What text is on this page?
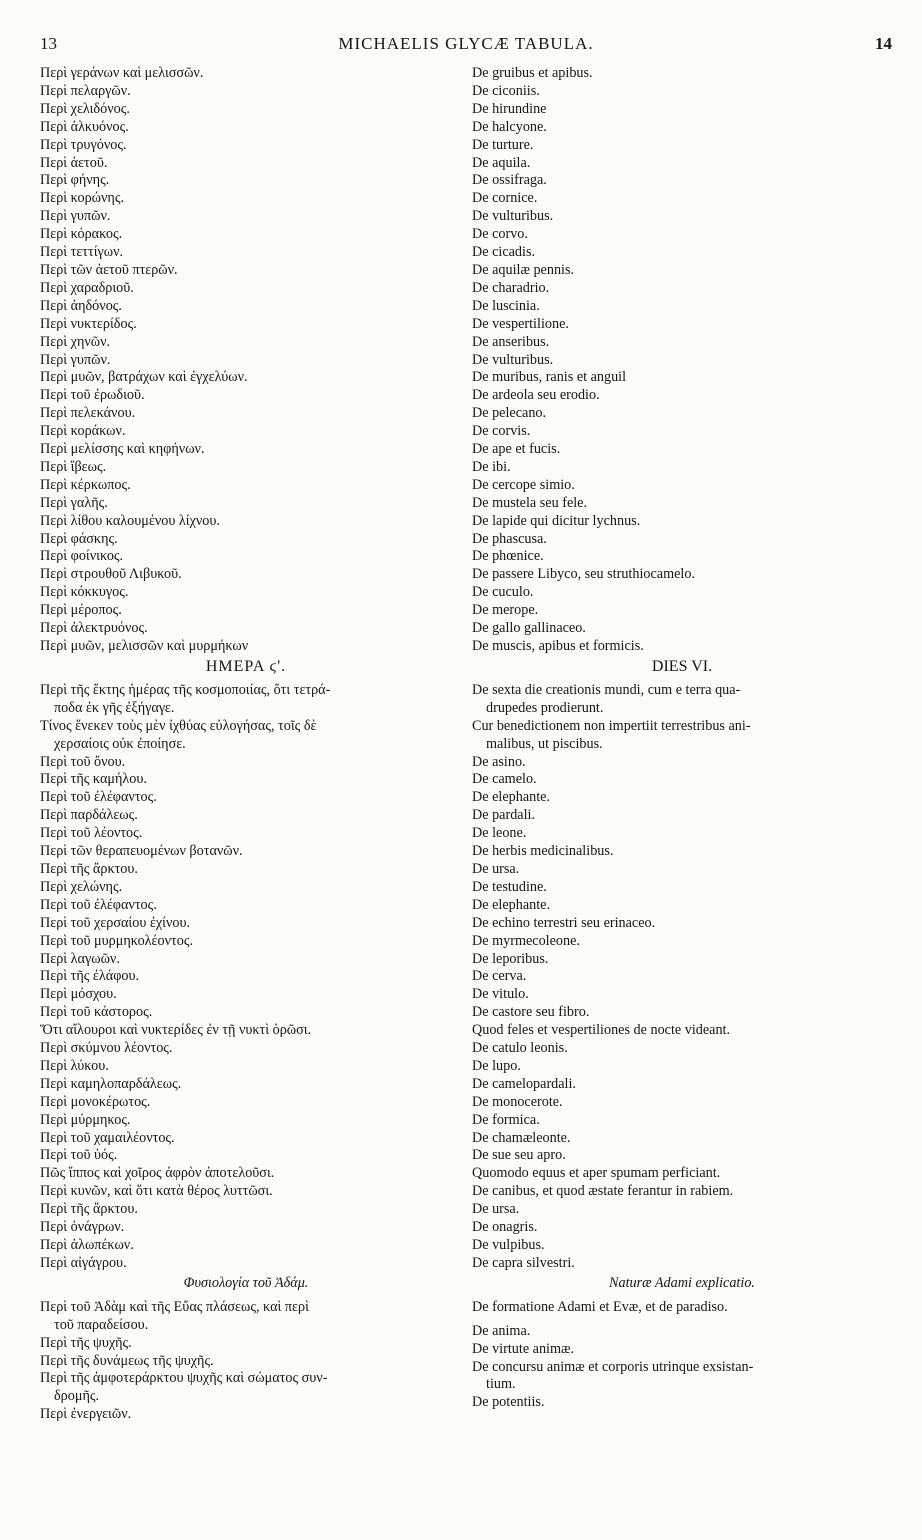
13	MICHAELIS GLYCÆ TABULA.	14
Περὶ γεράνων καὶ μελισσῶν.
Περὶ πελαργῶν.
Περὶ χελιδόνος.
Περὶ ἀλκυόνος.
Περὶ τρυγόνος.
Περὶ ἀετοῦ.
Περὶ φήνης.
Περὶ κορώνης.
Περὶ γυπῶν.
Περὶ κόρακος.
Περὶ τεττίγων.
Περὶ τῶν ἀετοῦ πτερῶν.
Περὶ χαραδριοῦ.
Περὶ ἀηδόνος.
Περὶ νυκτερίδος.
Περὶ χηνῶν.
Περὶ γυπῶν.
Περὶ μυῶν, βατράχων καὶ ἐγχελύων.
Περὶ τοῦ ἐρωδιοῦ.
Περὶ πελεκάνου.
Περὶ κοράκων.
Περὶ μελίσσης καὶ κηφήνων.
Περὶ ἴβεως.
Περὶ κέρκωπος.
Περὶ γαλῆς.
Περὶ λίθου καλουμένου λίχνου.
Περὶ φάσκης.
Περὶ φοίνικος.
Περὶ στρουθοῦ Λιβυκοῦ.
Περὶ κόκκυγος.
Περὶ μέροπος.
Περὶ ἀλεκτρυόνος.
Περὶ μυῶν, μελισσῶν καὶ μυρμήκων
ΗΜΕΡΑ ϛ'.
Περὶ τῆς ἕκτης ἡμέρας τῆς κοσμοποιίας, ὅτι τετρά-
ποδα ἐκ γῆς ἐξήγαγε.
Τίνος ἕνεκεν τοὺς μὲν ἰχθύας εὐλογήσας, τοῖς δὲ
χερσαίοις οὐκ ἐποίησε.
Περὶ τοῦ ὄνου.
Περὶ τῆς καμήλου.
Περὶ τοῦ ἐλέφαντος.
Περὶ παρδάλεως.
Περὶ τοῦ λέοντος.
Περὶ τῶν θεραπευομένων βοτανῶν.
Περὶ τῆς ἄρκτου.
Περὶ χελώνης.
Περὶ τοῦ ἐλέφαντος.
Περὶ τοῦ χερσαίου ἐχίνου.
Περὶ τοῦ μυρμηκολέοντος.
Περὶ λαγωῶν.
Περὶ τῆς ἐλάφου.
Περὶ μόσχου.
Περὶ τοῦ κάστορος.
Ὅτι αἴλουροι καὶ νυκτερίδες ἐν τῇ νυκτὶ ὁρῶσι.
Περὶ σκύμνου λέοντος.
Περὶ λύκου.
Περὶ καμηλοπαρδάλεως.
Περὶ μονοκέρωτος.
Περὶ μύρμηκος.
Περὶ τοῦ χαμαιλέοντος.
Περὶ τοῦ ὑός.
Πῶς ἵππος καὶ χοῖρος ἀφρὸν ἀποτελοῦσι.
Περὶ κυνῶν, καὶ ὅτι κατὰ θέρος λυττῶσι.
Περὶ τῆς ἄρκτου.
Περὶ ὀνάγρων.
Περὶ ἀλωπέκων.
Περὶ αἰγάγρου.
Φυσιολογία τοῦ Ἀδάμ.
Περὶ τοῦ Ἀδὰμ καὶ τῆς Εὔας πλάσεως, καὶ περὶ
τοῦ παραδείσου.
Περὶ τῆς ψυχῆς.
Περὶ τῆς δυνάμεως τῆς ψυχῆς.
Περὶ τῆς ἀμφοτεράρκτου ψυχῆς καὶ σώματος συν-
δρομῆς.
Περὶ ἐνεργειῶν.
De gruibus et apibus.
De ciconiis.
De hirundine
De halcyone.
De turture.
De aquila.
De ossifraga.
De cornice.
De vulturibus.
De corvo.
De cicadis.
De aquilæ pennis.
De charadrio.
De luscinia.
De vespertilione.
De anseribus.
De vulturibus.
De muribus, ranis et anguil
De ardeola seu erodio.
De pelecano.
De corvis.
De ape et fucis.
De ibi.
De cercope simio.
De mustela seu fele.
De lapide qui dicitur lychnus.
De phascusa.
De phœnice.
De passere Libyco, seu struthiocamelo.
De cuculo.
De merope.
De gallo gallinaceo.
De muscis, apibus et formicis.
DIES VI.
De sexta die creationis mundi, cum e terra qua-
drupedes prodierunt.
Cur benedictionem non impertiit terrestribus ani-
malibus, ut piscibus.
De asino.
De camelo.
De elephante.
De pardali.
De leone.
De herbis medicinalibus.
De ursa.
De testudine.
De elephante.
De echino terrestri seu erinaceo.
De myrmecoleone.
De leporibus.
De cerva.
De vitulo.
De castore seu fibro.
Quod feles et vespertiliones de nocte videant.
De catulo leonis.
De lupo.
De camelopardali.
De monocerote.
De formica.
De chamæleonte.
De sue seu apro.
Quomodo equus et aper spumam perficiant.
De canibus, et quod æstate ferantur in rabiem.
De ursa.
De onagris.
De vulpibus.
De capra silvestri.
Naturæ Adami explicatio.
De formatione Adami et Evæ, et de paradiso.
De anima.
De virtute animæ.
De concursu animæ et corporis utrinque exsistan-
tium.
De potentiis.
